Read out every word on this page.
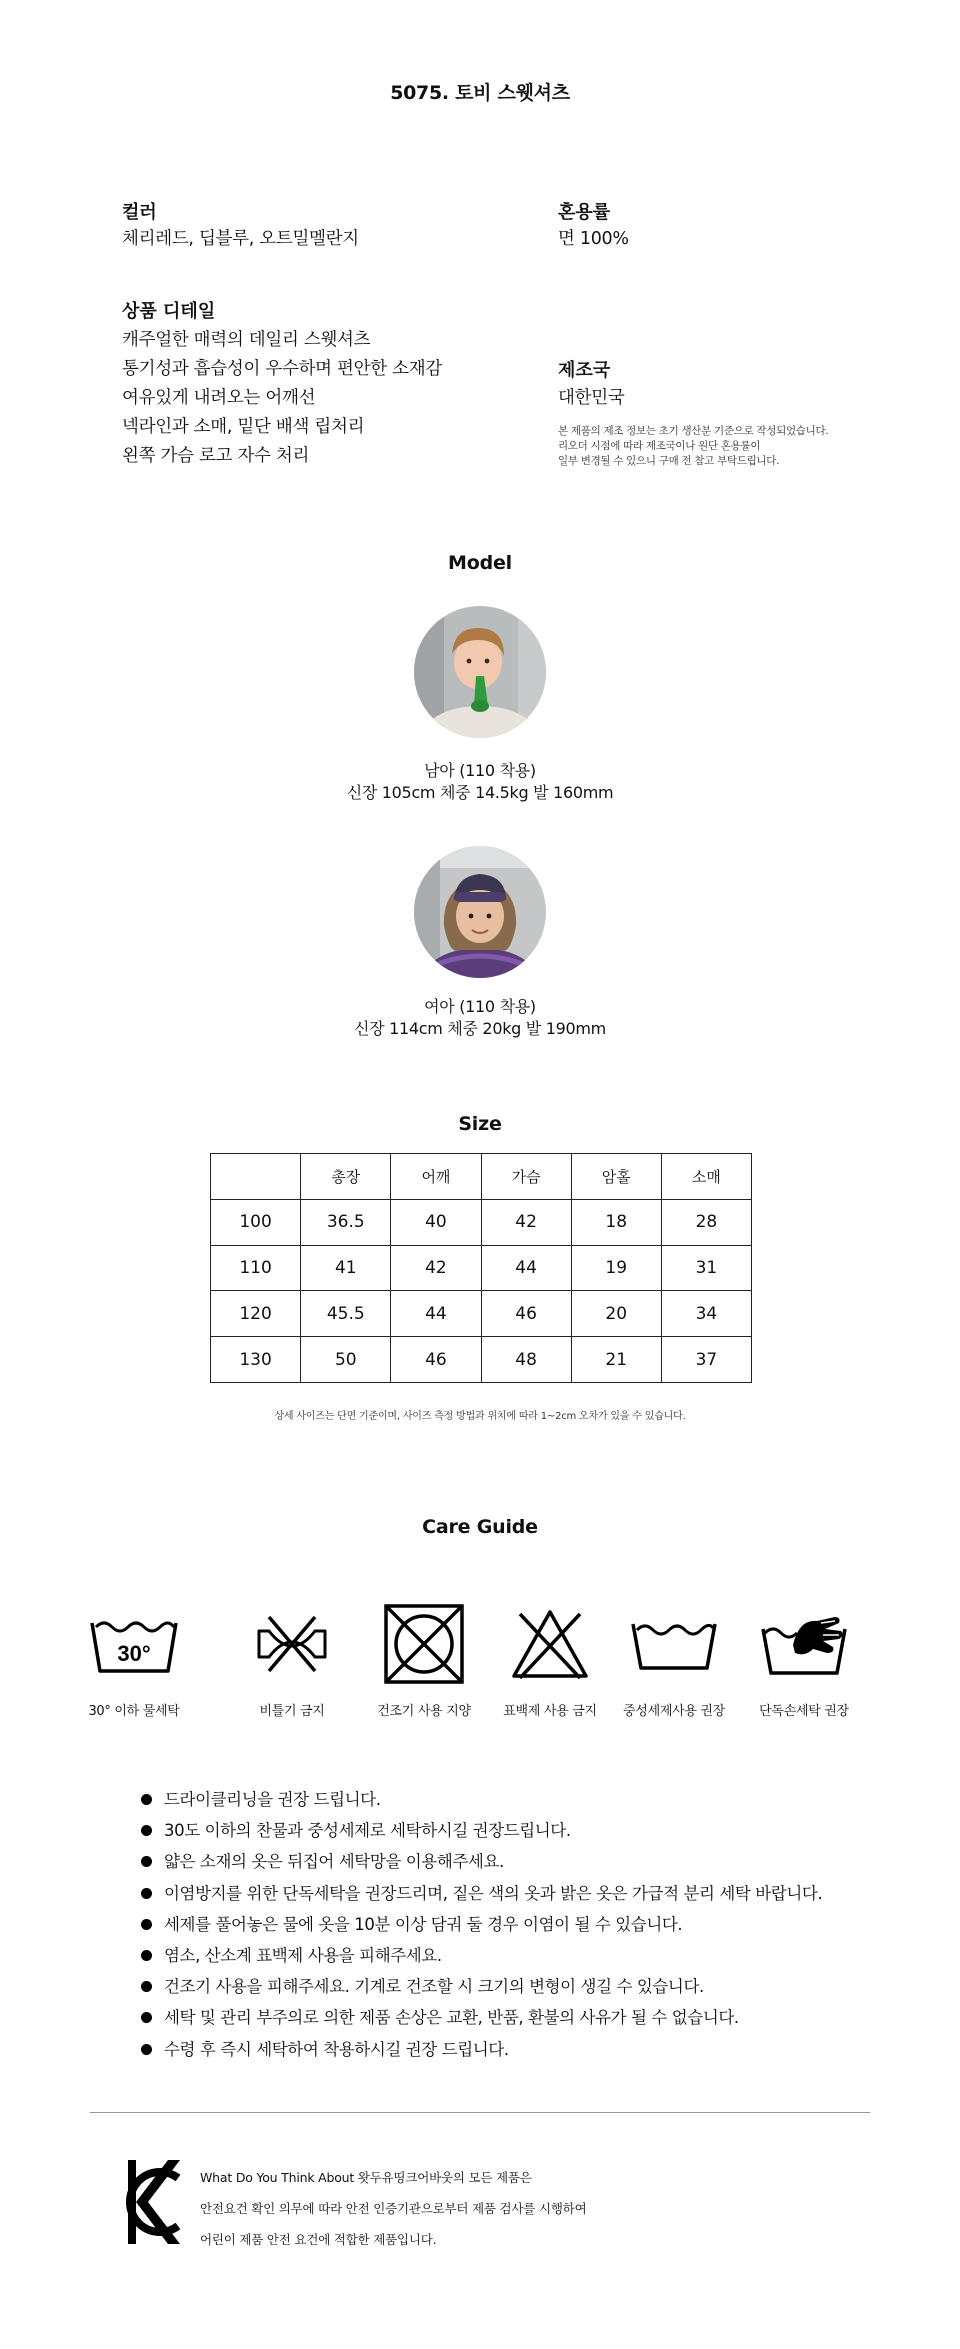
5075. 토비 스웻셔츠
컬러
체리레드, 딥블루, 오트밀멜란지
상품 디테일
캐주얼한 매력의 데일리 스웻셔츠
통기성과 흡습성이 우수하며 편안한 소재감
여유있게 내려오는 어깨선
넥라인과 소매, 밑단 배색 립처리
왼쪽 가슴 로고 자수 처리
혼용률
면 100%
제조국
대한민국
본 제품의 제조 정보는 초기 생산분 기준으로 작성되었습니다.
리오더 시점에 따라 제조국이나 원단 혼용률이
일부 변경될 수 있으니 구매 전 참고 부탁드립니다.
Model
남아 (110 착용)
신장 105cm 체중 14.5kg 발 160mm
여아 (110 착용)
신장 114cm 체중 20kg 발 190mm
Size
	총장	어깨	가슴	암홀	소매
100	36.5	40	42	18	28
110	41	42	44	19	31
120	45.5	44	46	20	34
130	50	46	48	21	37
상세 사이즈는 단면 기준이며, 사이즈 측정 방법과 위치에 따라 1~2cm 오차가 있을 수 있습니다.
Care Guide
30°
30° 이하 물세탁	비틀기 금지	건조기 사용 지양	표백제 사용 금지	중성세제사용 권장	단독손세탁 권장
드라이클리닝을 권장 드립니다.
30도 이하의 찬물과 중성세제로 세탁하시길 권장드립니다.
얇은 소재의 옷은 뒤집어 세탁망을 이용해주세요.
이염방지를 위한 단독세탁을 권장드리며, 짙은 색의 옷과 밝은 옷은 가급적 분리 세탁 바랍니다.
세제를 풀어놓은 물에 옷을 10분 이상 담궈 둘 경우 이염이 될 수 있습니다.
염소, 산소계 표백제 사용을 피해주세요.
건조기 사용을 피해주세요. 기계로 건조할 시 크기의 변형이 생길 수 있습니다.
세탁 및 관리 부주의로 의한 제품 손상은 교환, 반품, 환불의 사유가 될 수 없습니다.
수령 후 즉시 세탁하여 착용하시길 권장 드립니다.
What Do You Think About 왓두유띵크어바웃의 모든 제품은
안전요건 확인 의무에 따라 안전 인증기관으로부터 제품 검사를 시행하여
어린이 제품 안전 요건에 적합한 제품입니다.
